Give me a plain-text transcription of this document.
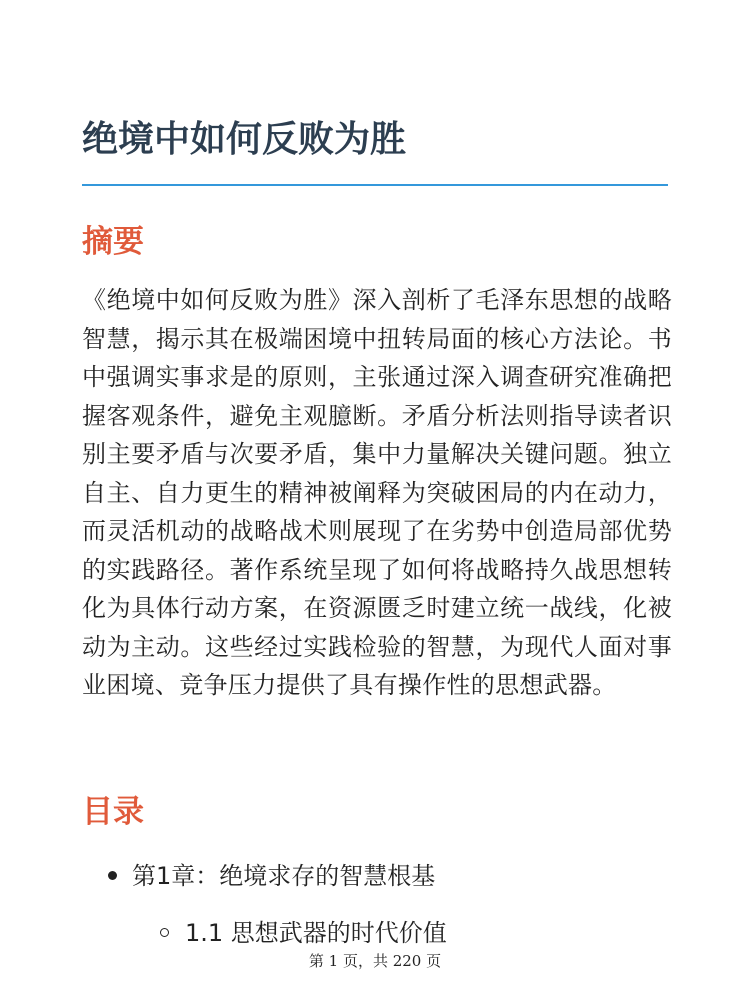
绝境中如何反败为胜
摘要

《绝境中如何反败为胜》深入剖析了毛泽东思想的战略智慧，揭示其在极端困境中扭转局面的核心方法论。书中强调实事求是的原则，主张通过深入调查研究准确把握客观条件，避免主观臆断。矛盾分析法则指导读者识别主要矛盾与次要矛盾，集中力量解决关键问题。独立自主、自力更生的精神被阐释为突破困局的内在动力，而灵活机动的战略战术则展现了在劣势中创造局部优势的实践路径。著作系统呈现了如何将战略持久战思想转化为具体行动方案，在资源匮乏时建立统一战线，化被动为主动。这些经过实践检验的智慧，为现代人面对事业困境、竞争压力提供了具有操作性的思想武器。

目录
第1章：绝境求存的智慧根基
1.1 思想武器的时代价值
第 1 页，共 220 页
